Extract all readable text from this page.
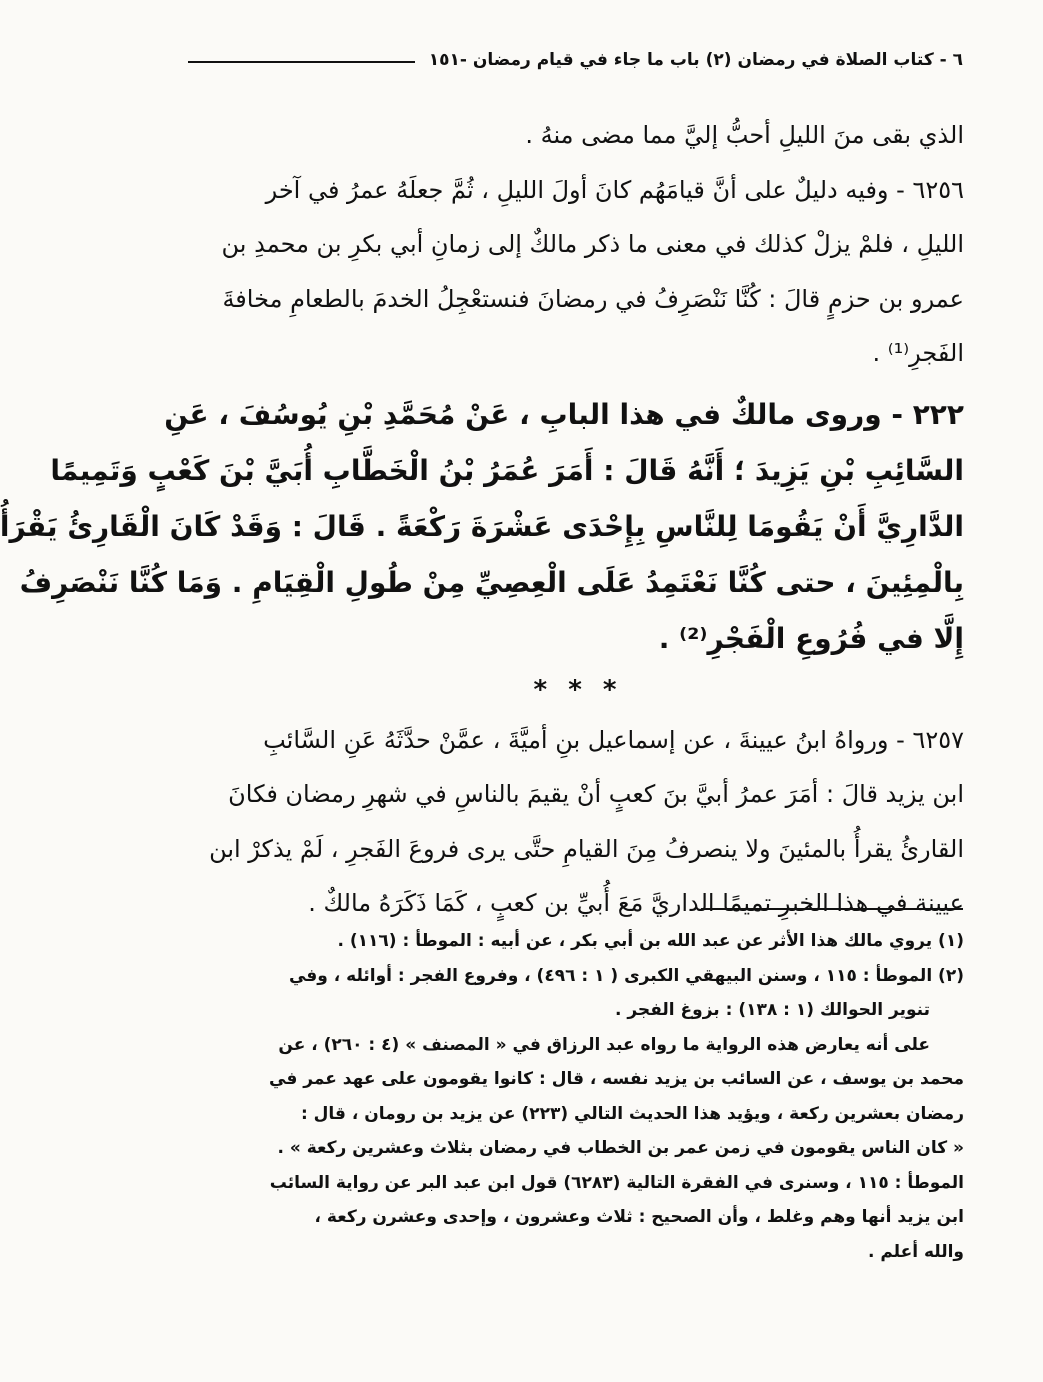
٦ - كتاب الصلاة في رمضان (٢) باب ما جاء في قيام رمضان -١٥١
الذي بقى منَ الليلِ أحبُّ إليَّ مما مضى منهُ .
٦٢٥٦ - وفيه دليلٌ على أنَّ قيامَهُم كانَ أولَ الليلِ ، ثُمَّ جعلَهُ عمرُ في آخر
الليلِ ، فلمْ يزلْ كذلك في معنى ما ذكر مالكٌ إلى زمانِ أبي بكرِ بن محمدِ بن
عمرو بن حزمٍ قالَ : كُنَّا نَنْصَرِفُ في رمضانَ فنستعْجِلُ الخدمَ بالطعامِ مخافةَ
الفَجرِ⁽¹⁾ .
٢٢٢ - وروى مالكٌ في هذا البابِ ، عَنْ مُحَمَّدِ بْنِ يُوسُفَ ، عَنِ
السَّائِبِ بْنِ يَزِيدَ ؛ أَنَّهُ قَالَ : أَمَرَ عُمَرُ بْنُ الْخَطَّابِ أُبَيَّ بْنَ كَعْبٍ وَتَمِيمًا
الدَّارِيَّ أَنْ يَقُومَا لِلنَّاسِ بِإِحْدَى عَشْرَةَ رَكْعَةً . قَالَ : وَقَدْ كَانَ الْقَارِئُ يَقْرَأُ
بِالْمِئِينَ ، حتى كُنَّا نَعْتَمِدُ عَلَى الْعِصِيِّ مِنْ طُولِ الْقِيَامِ . وَمَا كُنَّا نَنْصَرِفُ
إِلَّا في فُرُوعِ الْفَجْرِ⁽²⁾ .
* * *
٦٢٥٧ - ورواهُ ابنُ عيينةَ ، عن إسماعيل بنِ أميَّةَ ، عمَّنْ حدَّثَهُ عَنِ السَّائبِ
ابن يزيد قالَ : أمَرَ عمرُ أبيَّ بنَ كعبٍ أنْ يقيمَ بالناسِ في شهرِ رمضان فكانَ
القارئُ يقرأُ بالمئينَ ولا ينصرفُ مِنَ القيامِ حتَّى يرى فروعَ الفَجرِ ، لَمْ يذكرْ ابن
عيينة في هذا الخبرِ تميمًا الداريَّ مَعَ أُبيِّ بن كعبٍ ، كَمَا ذَكَرَهُ مالكٌ .
(١) يروي مالك هذا الأثر عن عبد الله بن أبي بكر ، عن أبيه : الموطأ : (١١٦) .
(٢) الموطأ : ١١٥ ، وسنن البيهقي الكبرى ( ١ : ٤٩٦) ، وفروع الفجر : أوائله ، وفي
تنوير الحوالك (١ : ١٣٨) : بزوغ الفجر .
على أنه يعارض هذه الرواية ما رواه عبد الرزاق في « المصنف » (٤ : ٢٦٠) ، عن
محمد بن يوسف ، عن السائب بن يزيد نفسه ، قال : كانوا يقومون على عهد عمر في
رمضان بعشرين ركعة ، ويؤيد هذا الحديث التالي (٢٢٣) عن يزيد بن رومان ، قال :
« كان الناس يقومون في زمن عمر بن الخطاب في رمضان بثلاث وعشرين ركعة » .
الموطأ : ١١٥ ، وسنرى في الفقرة التالية (٦٢٨٣) قول ابن عبد البر عن رواية السائب
ابن يزيد أنها وهم وغلط ، وأن الصحيح : ثلاث وعشرون ، وإحدى وعشرن ركعة ،
والله أعلم .
